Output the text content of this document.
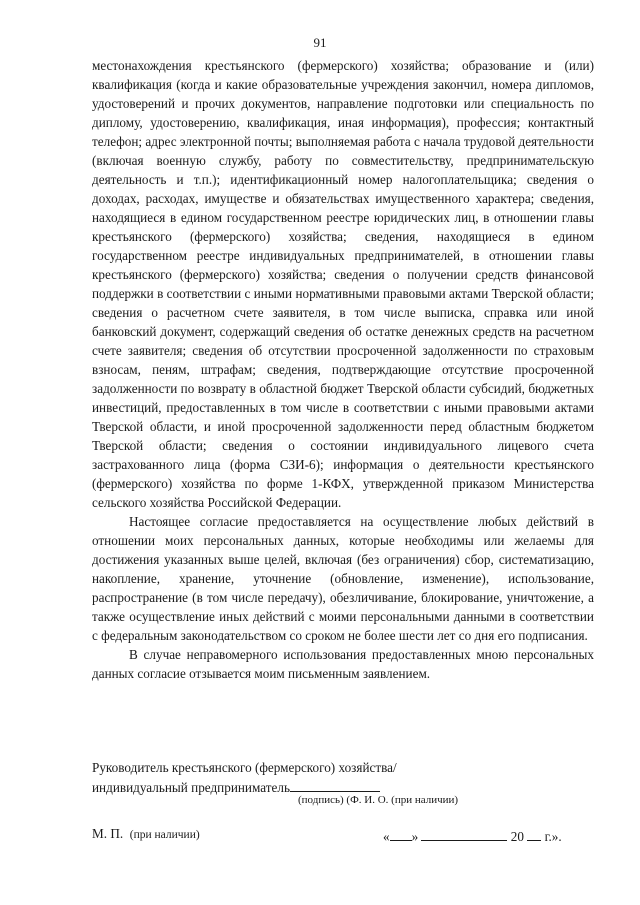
91

местонахождения крестьянского (фермерского) хозяйства; образование и (или) квалификация (когда и какие образовательные учреждения закончил, номера дипломов, удостоверений и прочих документов, направление подготовки или специальность по диплому, удостоверению, квалификация, иная информация), профессия; контактный телефон; адрес электронной почты; выполняемая работа с начала трудовой деятельности (включая военную службу, работу по совместительству, предпринимательскую деятельность и т.п.); идентификационный номер налогоплательщика; сведения о доходах, расходах, имуществе и обязательствах имущественного характера; сведения, находящиеся в едином государственном реестре юридических лиц, в отношении главы крестьянского (фермерского) хозяйства; сведения, находящиеся в едином государственном реестре индивидуальных предпринимателей, в отношении главы крестьянского (фермерского) хозяйства; сведения о получении средств финансовой поддержки в соответствии с иными нормативными правовыми актами Тверской области; сведения о расчетном счете заявителя, в том числе выписка, справка или иной банковский документ, содержащий сведения об остатке денежных средств на расчетном счете заявителя; сведения об отсутствии просроченной задолженности по страховым взносам, пеням, штрафам; сведения, подтверждающие отсутствие просроченной задолженности по возврату в областной бюджет Тверской области субсидий, бюджетных инвестиций, предоставленных в том числе в соответствии с иными правовыми актами Тверской области, и иной просроченной задолженности перед областным бюджетом Тверской области; сведения о состоянии индивидуального лицевого счета застрахованного лица (форма СЗИ-6); информация о деятельности крестьянского (фермерского) хозяйства по форме 1-КФХ, утвержденной приказом Министерства сельского хозяйства Российской Федерации.

Настоящее согласие предоставляется на осуществление любых действий в отношении моих персональных данных, которые необходимы или желаемы для достижения указанных выше целей, включая (без ограничения) сбор, систематизацию, накопление, хранение, уточнение (обновление, изменение), использование, распространение (в том числе передачу), обезличивание, блокирование, уничтожение, а также осуществление иных действий с моими персональными данными в соответствии с федеральным законодательством со сроком не более шести лет со дня его подписания.

В случае неправомерного использования предоставленных мною персональных данных согласие отзывается моим письменным заявлением.

Руководитель крестьянского (фермерского) хозяйства/
индивидуальный предприниматель
(подпись) (Ф. И. О. (при наличии)
М. П. (при наличии)	« »	20 г.».
